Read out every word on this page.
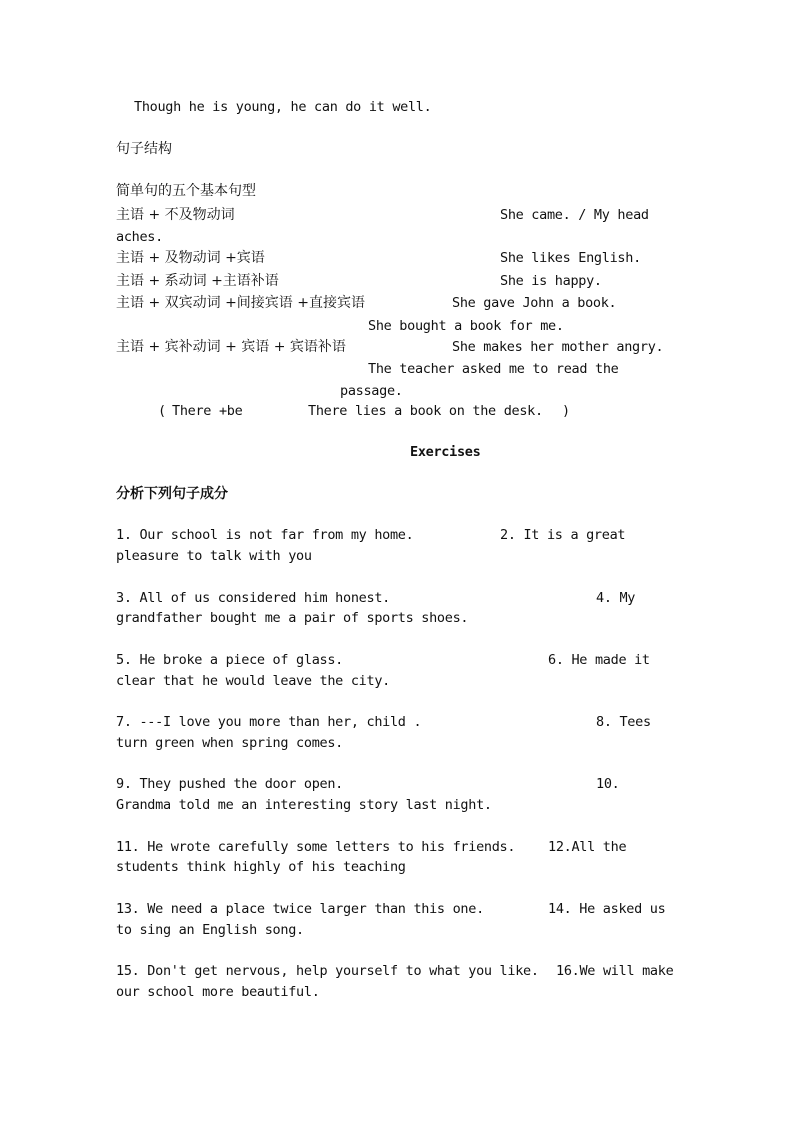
Though he is young, he can do it well.
句子结构
简单句的五个基本句型
主语 + 不及物动词	She came. / My head
aches.
主语 + 及物动词 +宾语	She likes English.
主语 + 系动词 +主语补语	She is happy.
主语 + 双宾动词 +间接宾语 +直接宾语	She gave John a book.
She bought a book for me.
主语 + 宾补动词 + 宾语 + 宾语补语	She makes her mother angry.
The teacher asked me to read the
passage.
( There +be	There lies a book on the desk. )
Exercises
分析下列句子成分
1. Our school is not far from my home.	2. It is a great
pleasure to talk with you
3. All of us considered him honest.	4. My
grandfather bought me a pair of sports shoes.
5. He broke a piece of glass.	6. He made it
clear that he would leave the city.
7. ---I love you more than her, child .	8. Tees
turn green when spring comes.
9. They pushed the door open.	10.
Grandma told me an interesting story last night.
11. He wrote carefully some letters to his friends. 12.All the
students think highly of his teaching
13. We need a place twice larger than this one.	14. He asked us
to sing an English song.
15. Don't get nervous, help yourself to what you like. 16.We will make
our school more beautiful.
